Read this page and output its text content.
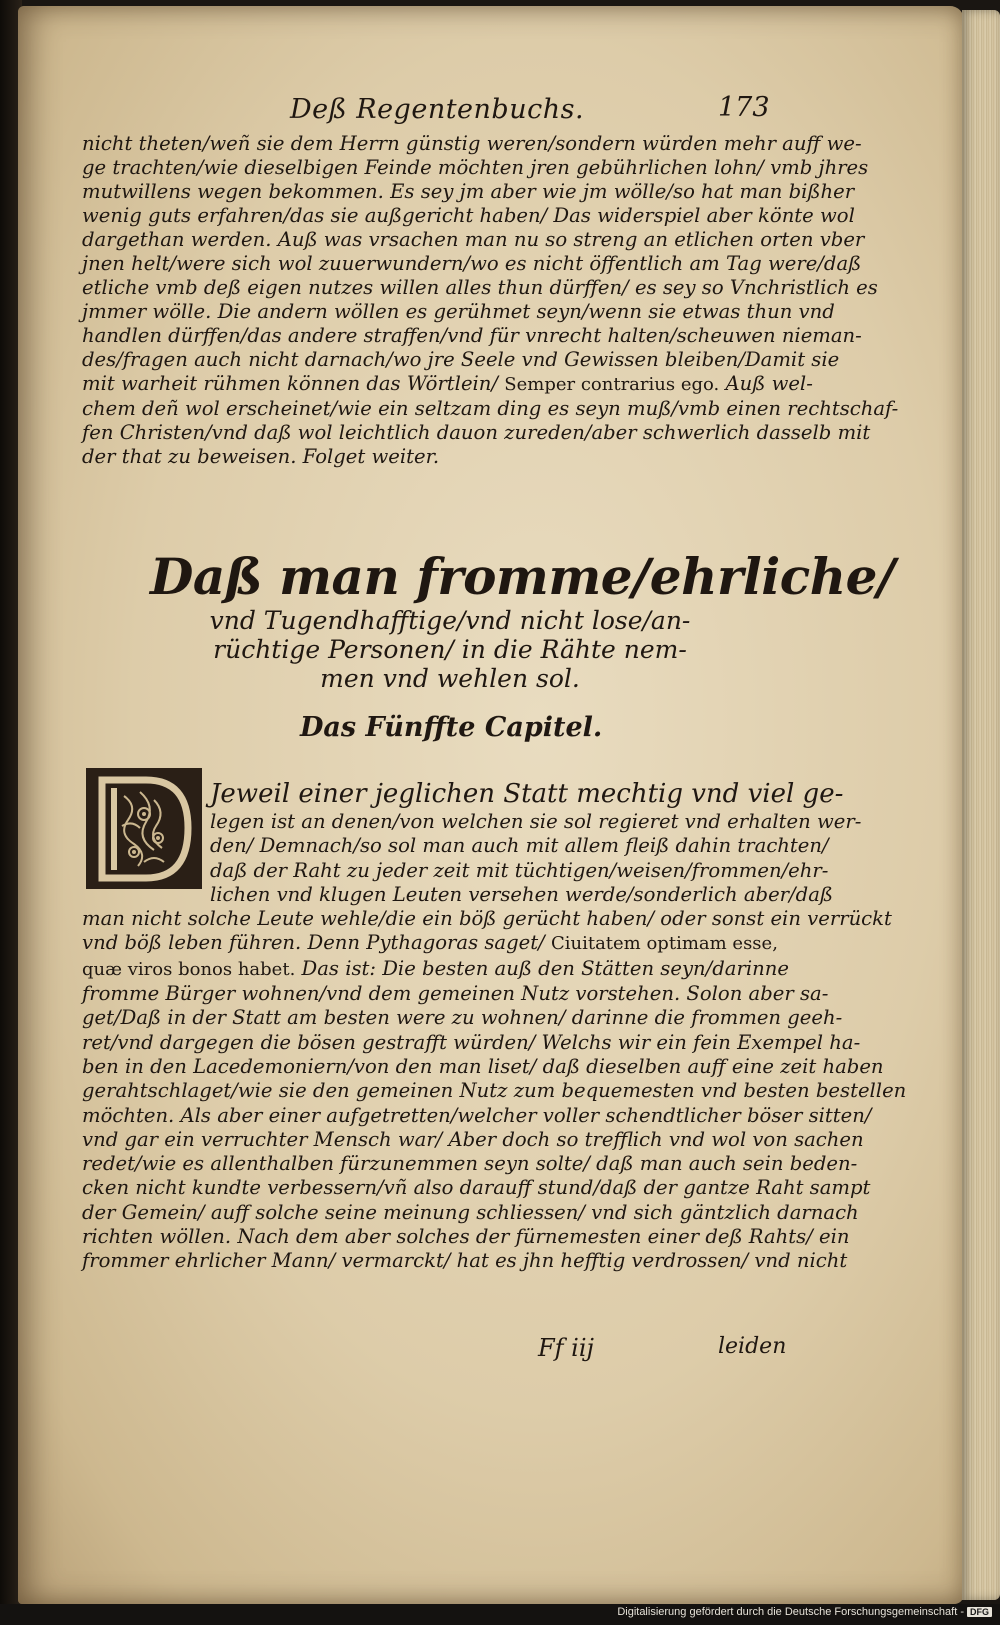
Deß Regentenbuchs.	173
nicht theten/weñ sie dem Herrn günstig weren/sondern würden mehr auff we-
ge trachten/wie dieselbigen Feinde möchten jren gebührlichen lohn/ vmb jhres
mutwillens wegen bekommen. Es sey jm aber wie jm wölle/so hat man bißher
wenig guts erfahren/das sie außgericht haben/ Das widerspiel aber könte wol
dargethan werden. Auß was vrsachen man nu so streng an etlichen orten vber
jnen helt/were sich wol zuuerwundern/wo es nicht öffentlich am Tag were/daß
etliche vmb deß eigen nutzes willen alles thun dürffen/ es sey so Vnchristlich es
jmmer wölle. Die andern wöllen es gerühmet seyn/wenn sie etwas thun vnd
handlen dürffen/das andere straffen/vnd für vnrecht halten/scheuwen nieman-
des/fragen auch nicht darnach/wo jre Seele vnd Gewissen bleiben/Damit sie
mit warheit rühmen können das Wörtlein/ Semper contrarius ego. Auß wel-
chem deñ wol erscheinet/wie ein seltzam ding es seyn muß/vmb einen rechtschaf-
fen Christen/vnd daß wol leichtlich dauon zureden/aber schwerlich dasselb mit
der that zu beweisen. Folget weiter.
Daß man fromme/ehrliche/
vnd Tugendhafftige/vnd nicht lose/an-
rüchtige Personen/ in die Rähte nem-
men vnd wehlen sol.
Das Fünffte Capitel.
Jeweil einer jeglichen Statt mechtig vnd viel ge-
legen ist an denen/von welchen sie sol regieret vnd erhalten wer-
den/ Demnach/so sol man auch mit allem fleiß dahin trachten/
daß der Raht zu jeder zeit mit tüchtigen/weisen/frommen/ehr-
lichen vnd klugen Leuten versehen werde/sonderlich aber/daß
man nicht solche Leute wehle/die ein böß gerücht haben/ oder sonst ein verrückt
vnd böß leben führen. Denn Pythagoras saget/ Ciuitatem optimam esse,
quæ viros bonos habet. Das ist: Die besten auß den Stätten seyn/darinne
fromme Bürger wohnen/vnd dem gemeinen Nutz vorstehen. Solon aber sa-
get/Daß in der Statt am besten were zu wohnen/ darinne die frommen geeh-
ret/vnd dargegen die bösen gestrafft würden/ Welchs wir ein fein Exempel ha-
ben in den Lacedemoniern/von den man liset/ daß dieselben auff eine zeit haben
gerahtschlaget/wie sie den gemeinen Nutz zum bequemesten vnd besten bestellen
möchten. Als aber einer aufgetretten/welcher voller schendtlicher böser sitten/
vnd gar ein verruchter Mensch war/ Aber doch so trefflich vnd wol von sachen
redet/wie es allenthalben fürzunemmen seyn solte/ daß man auch sein beden-
cken nicht kundte verbessern/vñ also darauff stund/daß der gantze Raht sampt
der Gemein/ auff solche seine meinung schliessen/ vnd sich gäntzlich darnach
richten wöllen. Nach dem aber solches der fürnemesten einer deß Rahts/ ein
frommer ehrlicher Mann/ vermarckt/ hat es jhn hefftig verdrossen/ vnd nicht
Ff iij	leiden
Digitalisierung gefördert durch die Deutsche Forschungsgemeinschaft - DFG
